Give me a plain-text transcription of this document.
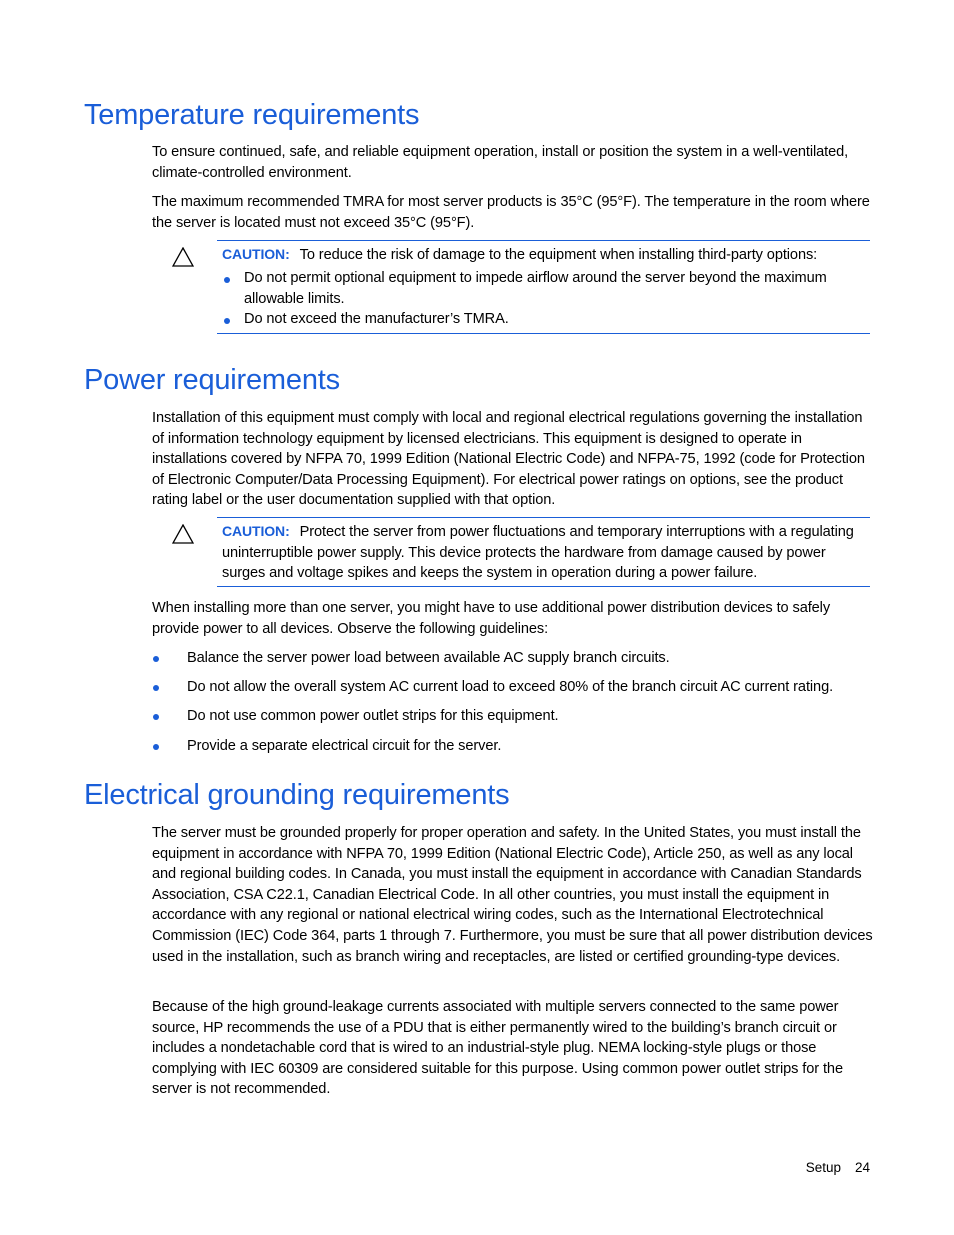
Temperature requirements

To ensure continued, safe, and reliable equipment operation, install or position the system in a well-ventilated, climate-controlled environment.

The maximum recommended TMRA for most server products is 35°C (95°F). The temperature in the room where the server is located must not exceed 35°C (95°F).

CAUTION: To reduce the risk of damage to the equipment when installing third-party options:

Do not permit optional equipment to impede airflow around the server beyond the maximum allowable limits.

Do not exceed the manufacturer’s TMRA.

Power requirements

Installation of this equipment must comply with local and regional electrical regulations governing the installation of information technology equipment by licensed electricians. This equipment is designed to operate in installations covered by NFPA 70, 1999 Edition (National Electric Code) and NFPA-75, 1992 (code for Protection of Electronic Computer/Data Processing Equipment). For electrical power ratings on options, see the product rating label or the user documentation supplied with that option.

CAUTION: Protect the server from power fluctuations and temporary interruptions with a regulating uninterruptible power supply. This device protects the hardware from damage caused by power surges and voltage spikes and keeps the system in operation during a power failure.

When installing more than one server, you might have to use additional power distribution devices to safely provide power to all devices. Observe the following guidelines:

Balance the server power load between available AC supply branch circuits.

Do not allow the overall system AC current load to exceed 80% of the branch circuit AC current rating.

Do not use common power outlet strips for this equipment.

Provide a separate electrical circuit for the server.

Electrical grounding requirements

The server must be grounded properly for proper operation and safety. In the United States, you must install the equipment in accordance with NFPA 70, 1999 Edition (National Electric Code), Article 250, as well as any local and regional building codes. In Canada, you must install the equipment in accordance with Canadian Standards Association, CSA C22.1, Canadian Electrical Code. In all other countries, you must install the equipment in accordance with any regional or national electrical wiring codes, such as the International Electrotechnical Commission (IEC) Code 364, parts 1 through 7. Furthermore, you must be sure that all power distribution devices used in the installation, such as branch wiring and receptacles, are listed or certified grounding-type devices.

Because of the high ground-leakage currents associated with multiple servers connected to the same power source, HP recommends the use of a PDU that is either permanently wired to the building’s branch circuit or includes a nondetachable cord that is wired to an industrial-style plug. NEMA locking-style plugs or those complying with IEC 60309 are considered suitable for this purpose. Using common power outlet strips for the server is not recommended.

Setup 24
